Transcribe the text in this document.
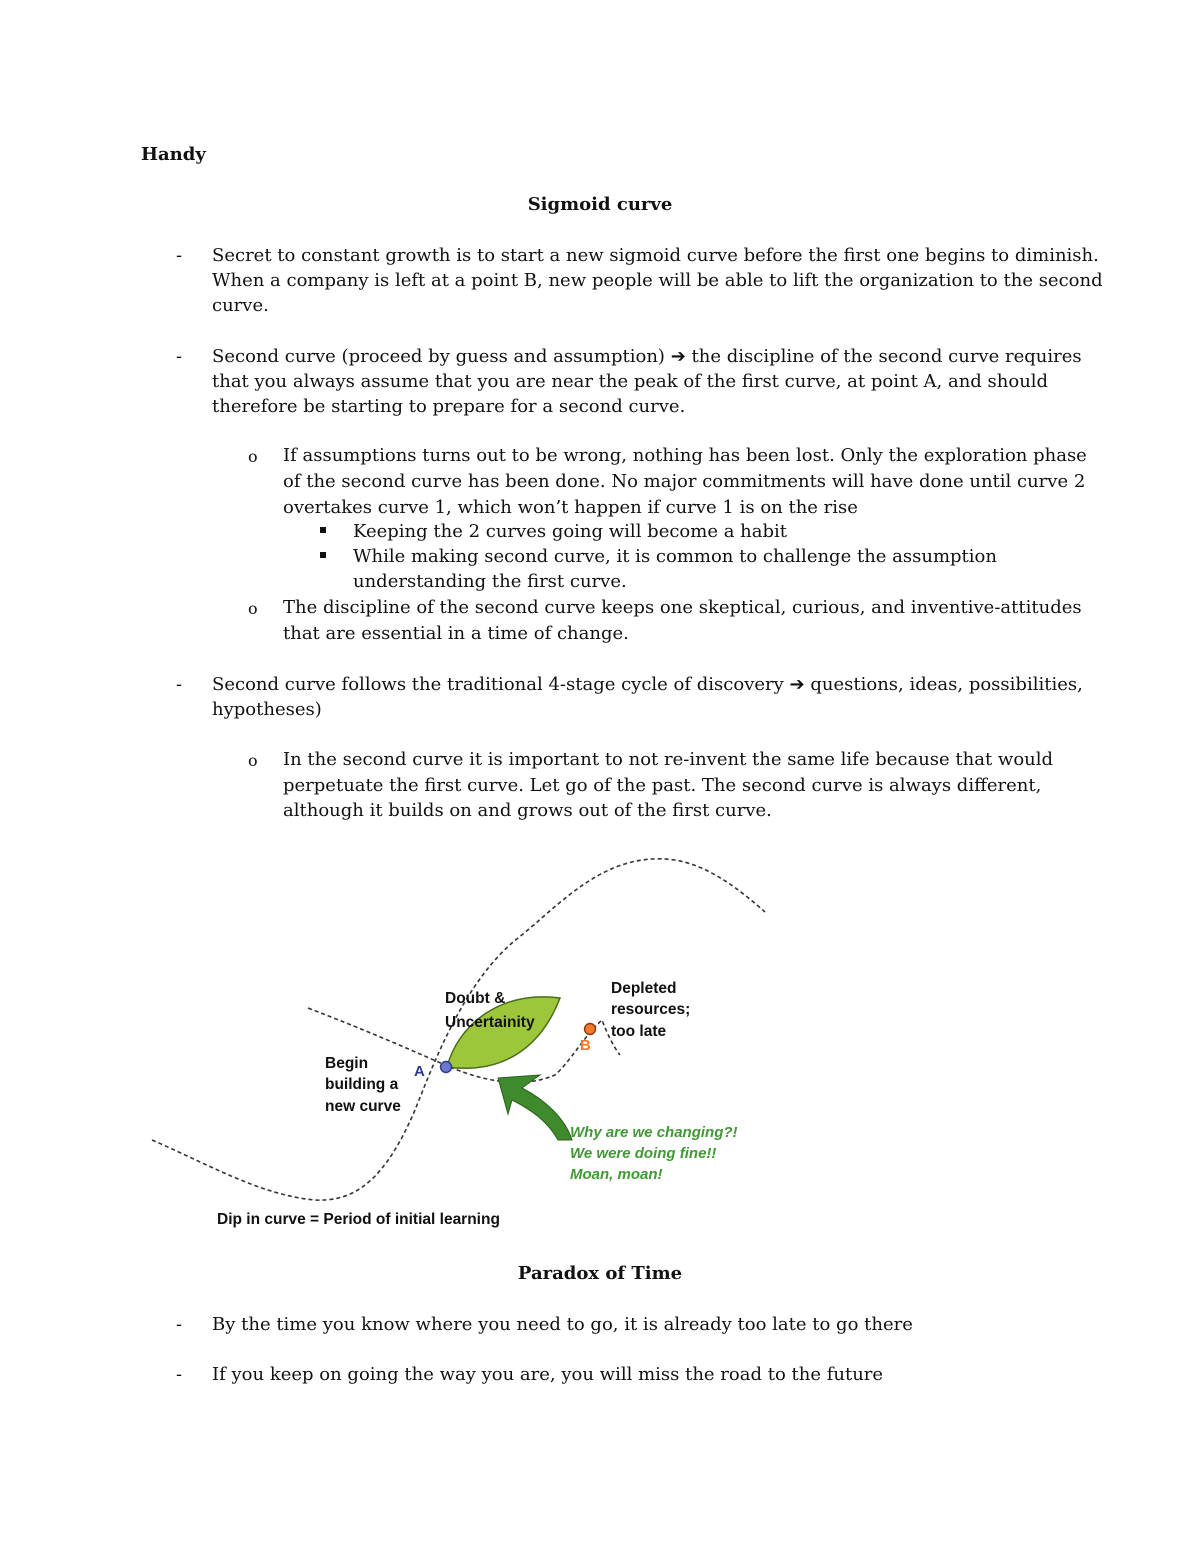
Handy
Sigmoid curve
- Secret to constant growth is to start a new sigmoid curve before the first one begins to diminish.
When a company is left at a point B, new people will be able to lift the organization to the second
curve.
- Second curve (proceed by guess and assumption) ➔ the discipline of the second curve requires
that you always assume that you are near the peak of the first curve, at point A, and should
therefore be starting to prepare for a second curve.
o If assumptions turns out to be wrong, nothing has been lost. Only the exploration phase
of the second curve has been done. No major commitments will have done until curve 2
overtakes curve 1, which won’t happen if curve 1 is on the rise
Keeping the 2 curves going will become a habit
While making second curve, it is common to challenge the assumption
understanding the first curve.
o The discipline of the second curve keeps one skeptical, curious, and inventive-attitudes
that are essential in a time of change.
- Second curve follows the traditional 4-stage cycle of discovery ➔ questions, ideas, possibilities,
hypotheses)
o In the second curve it is important to not re-invent the same life because that would
perpetuate the first curve. Let go of the past. The second curve is always different,
although it builds on and grows out of the first curve.
Doubt &
Uncertainity
Depleted
resources;
too late
B
A
Begin
building a
new curve
Why are we changing?!
We were doing fine!!
Moan, moan!
Dip in curve = Period of initial learning
Paradox of Time
- By the time you know where you need to go, it is already too late to go there
- If you keep on going the way you are, you will miss the road to the future
